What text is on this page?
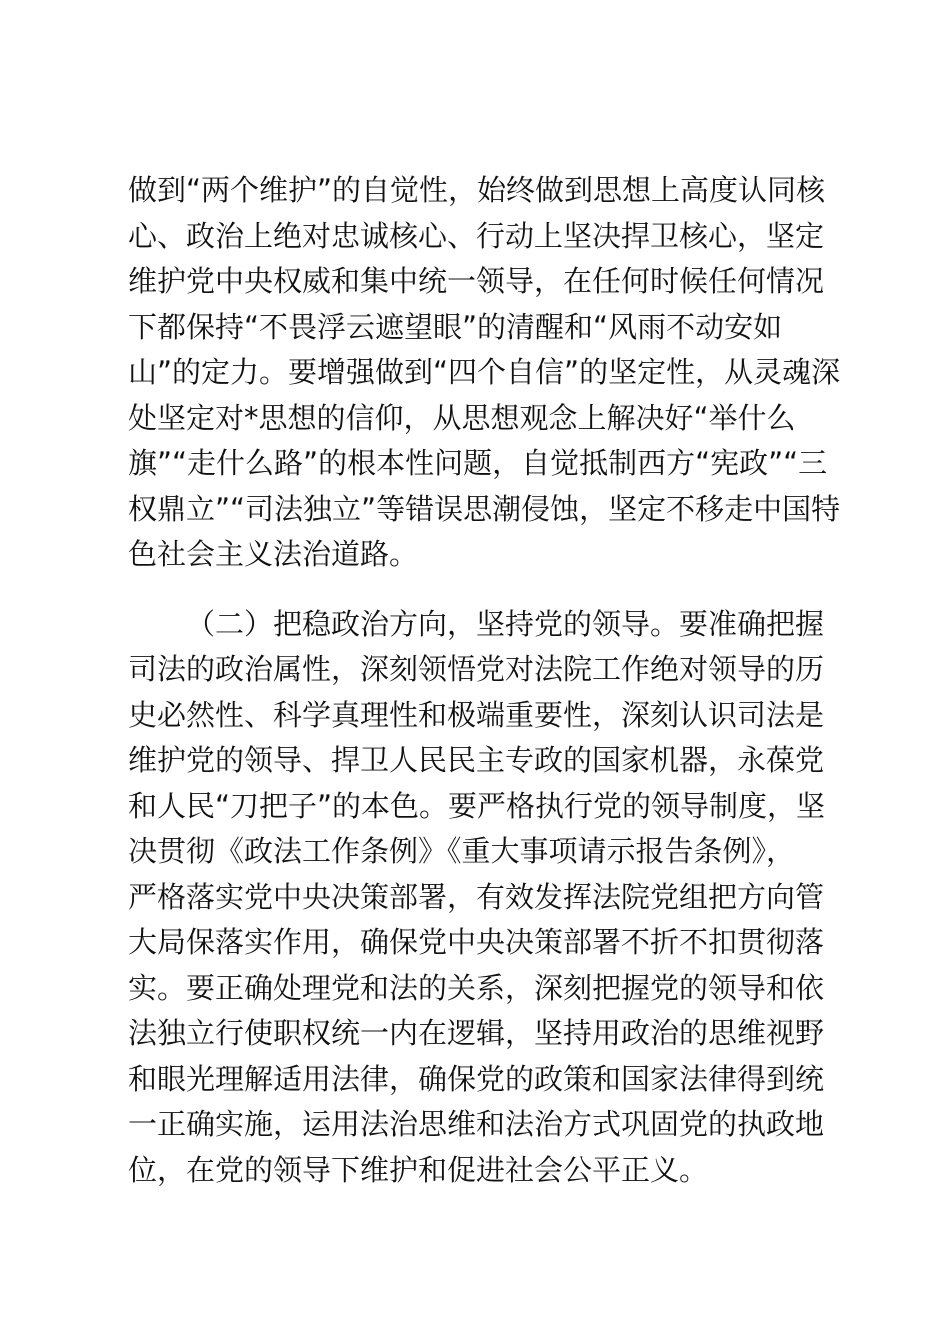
做到“两个维护”的自觉性，始终做到思想上高度认同核
心、政治上绝对忠诚核心、行动上坚决捍卫核心，坚定
维护党中央权威和集中统一领导，在任何时候任何情况
下都保持“不畏浮云遮望眼”的清醒和“风雨不动安如
山”的定力。要增强做到“四个自信”的坚定性，从灵魂深
处坚定对*思想的信仰，从思想观念上解决好“举什么
旗”“走什么路”的根本性问题，自觉抵制西方“宪政”“三
权鼎立”“司法独立”等错误思潮侵蚀，坚定不移走中国特
色社会主义法治道路。
（二）把稳政治方向，坚持党的领导。要准确把握
司法的政治属性，深刻领悟党对法院工作绝对领导的历
史必然性、科学真理性和极端重要性，深刻认识司法是
维护党的领导、捍卫人民民主专政的国家机器，永葆党
和人民“刀把子”的本色。要严格执行党的领导制度，坚
决贯彻《政法工作条例》《重大事项请示报告条例》，
严格落实党中央决策部署，有效发挥法院党组把方向管
大局保落实作用，确保党中央决策部署不折不扣贯彻落
实。要正确处理党和法的关系，深刻把握党的领导和依
法独立行使职权统一内在逻辑，坚持用政治的思维视野
和眼光理解适用法律，确保党的政策和国家法律得到统
一正确实施，运用法治思维和法治方式巩固党的执政地
位，在党的领导下维护和促进社会公平正义。
